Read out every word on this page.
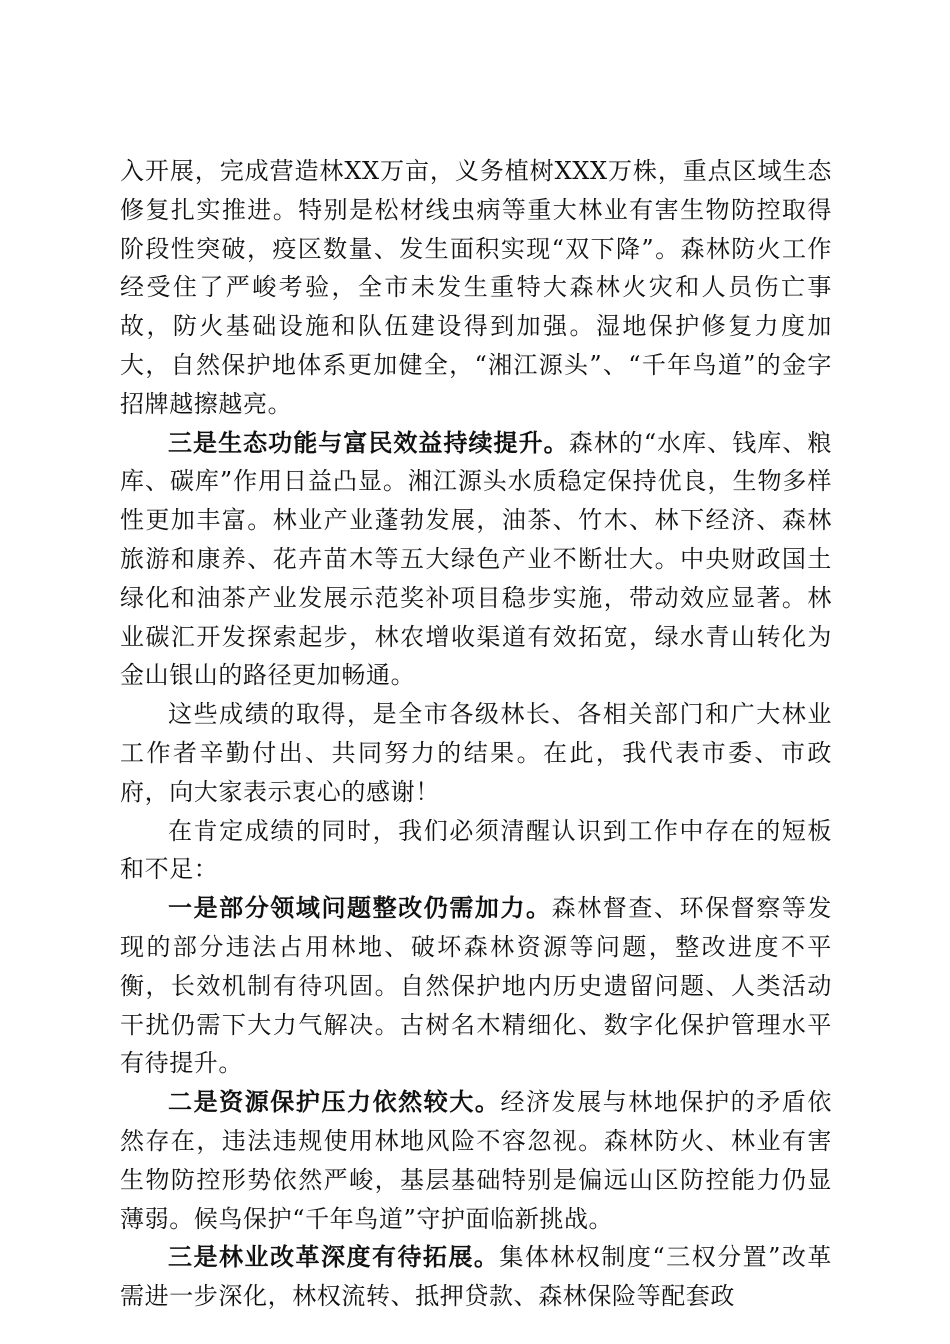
入开展，完成营造林XX万亩，义务植树XXX万株，重点区域生态修复扎实推进。特别是松材线虫病等重大林业有害生物防控取得阶段性突破，疫区数量、发生面积实现“双下降”。森林防火工作经受住了严峻考验，全市未发生重特大森林火灾和人员伤亡事故，防火基础设施和队伍建设得到加强。湿地保护修复力度加大，自然保护地体系更加健全，“湘江源头”、“千年鸟道”的金字招牌越擦越亮。

三是生态功能与富民效益持续提升。森林的“水库、钱库、粮库、碳库”作用日益凸显。湘江源头水质稳定保持优良，生物多样性更加丰富。林业产业蓬勃发展，油茶、竹木、林下经济、森林旅游和康养、花卉苗木等五大绿色产业不断壮大。中央财政国土绿化和油茶产业发展示范奖补项目稳步实施，带动效应显著。林业碳汇开发探索起步，林农增收渠道有效拓宽，绿水青山转化为金山银山的路径更加畅通。

这些成绩的取得，是全市各级林长、各相关部门和广大林业工作者辛勤付出、共同努力的结果。在此，我代表市委、市政府，向大家表示衷心的感谢！

在肯定成绩的同时，我们必须清醒认识到工作中存在的短板和不足：

一是部分领域问题整改仍需加力。森林督查、环保督察等发现的部分违法占用林地、破坏森林资源等问题，整改进度不平衡，长效机制有待巩固。自然保护地内历史遗留问题、人类活动干扰仍需下大力气解决。古树名木精细化、数字化保护管理水平有待提升。

二是资源保护压力依然较大。经济发展与林地保护的矛盾依然存在，违法违规使用林地风险不容忽视。森林防火、林业有害生物防控形势依然严峻，基层基础特别是偏远山区防控能力仍显薄弱。候鸟保护“千年鸟道”守护面临新挑战。

三是林业改革深度有待拓展。集体林权制度“三权分置”改革需进一步深化，林权流转、抵押贷款、森林保险等配套政
